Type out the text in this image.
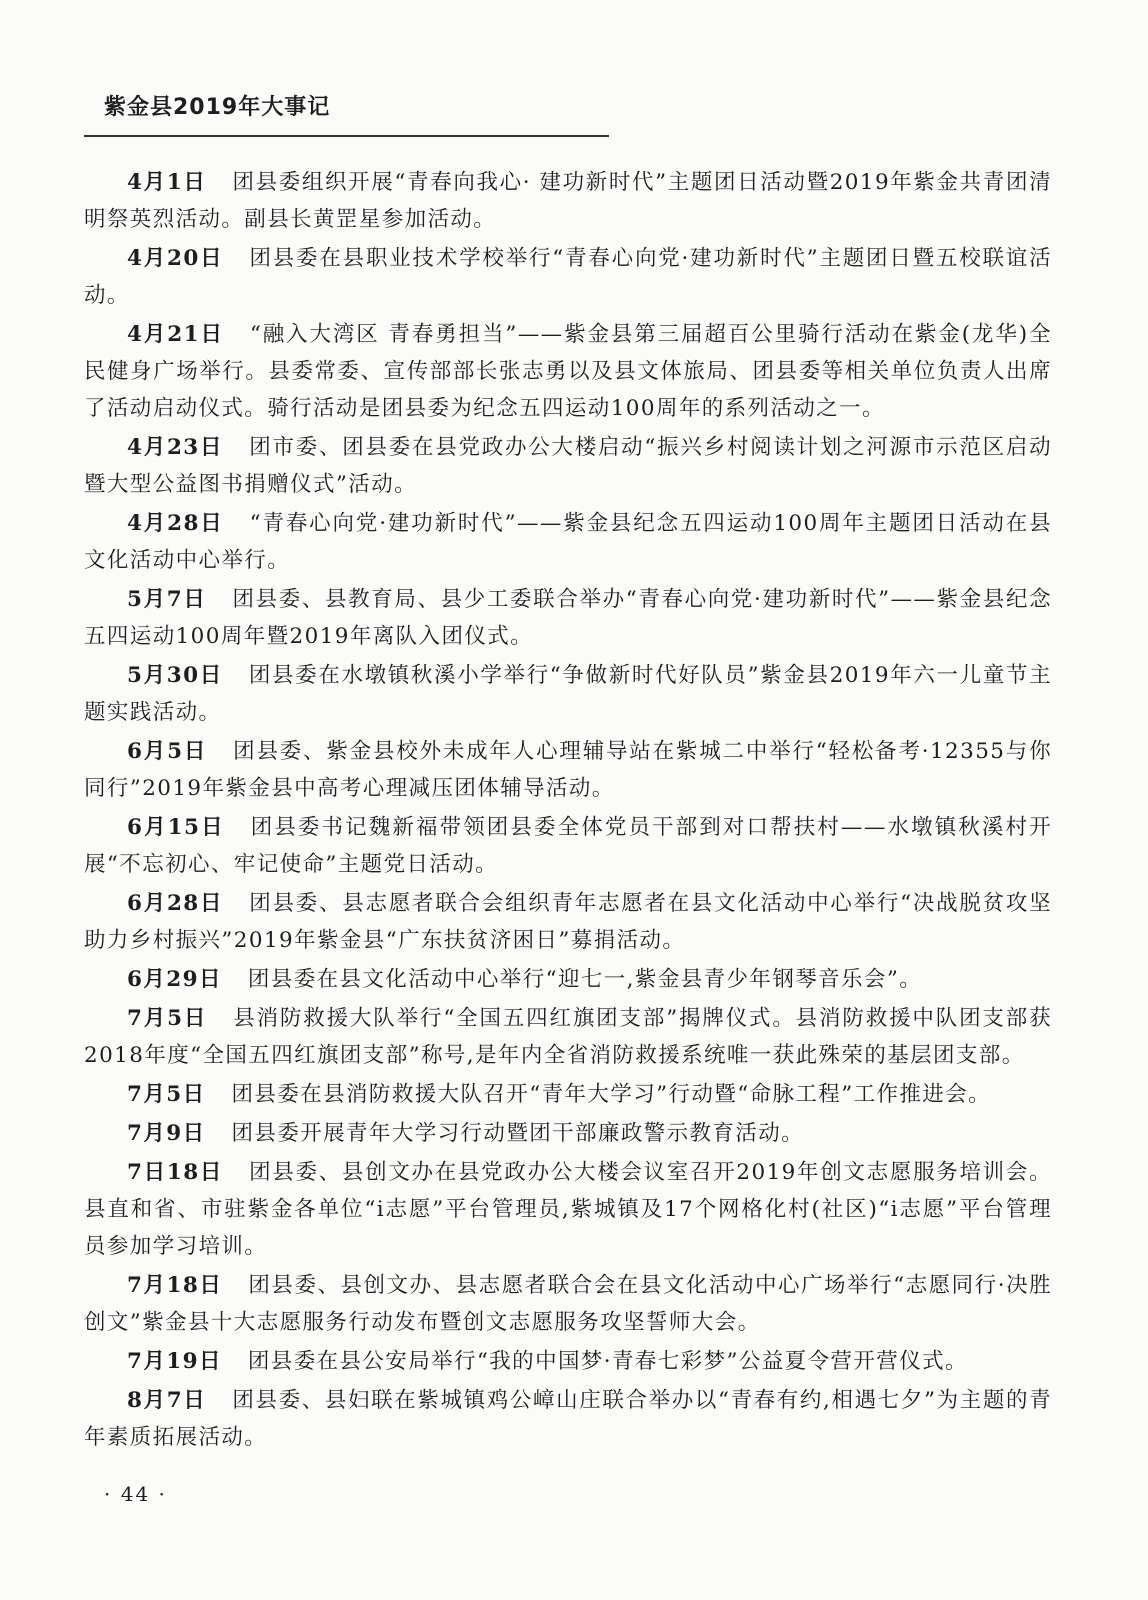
紫金县2019年大事记

4月1日 团县委组织开展“青春向我心· 建功新时代”主题团日活动暨2019年紫金共青团清明祭英烈活动。副县长黄罡星参加活动。

4月20日 团县委在县职业技术学校举行“青春心向党·建功新时代”主题团日暨五校联谊活动。

4月21日 “融入大湾区 青春勇担当”——紫金县第三届超百公里骑行活动在紫金(龙华)全民健身广场举行。县委常委、宣传部部长张志勇以及县文体旅局、团县委等相关单位负责人出席了活动启动仪式。骑行活动是团县委为纪念五四运动100周年的系列活动之一。

4月23日 团市委、团县委在县党政办公大楼启动“振兴乡村阅读计划之河源市示范区启动暨大型公益图书捐赠仪式”活动。

4月28日 “青春心向党·建功新时代”——紫金县纪念五四运动100周年主题团日活动在县文化活动中心举行。

5月7日 团县委、县教育局、县少工委联合举办“青春心向党·建功新时代”——紫金县纪念五四运动100周年暨2019年离队入团仪式。

5月30日 团县委在水墩镇秋溪小学举行“争做新时代好队员”紫金县2019年六一儿童节主题实践活动。

6月5日 团县委、紫金县校外未成年人心理辅导站在紫城二中举行“轻松备考·12355与你同行”2019年紫金县中高考心理减压团体辅导活动。

6月15日 团县委书记魏新福带领团县委全体党员干部到对口帮扶村——水墩镇秋溪村开展“不忘初心、牢记使命”主题党日活动。

6月28日 团县委、县志愿者联合会组织青年志愿者在县文化活动中心举行“决战脱贫攻坚助力乡村振兴”2019年紫金县“广东扶贫济困日”募捐活动。

6月29日 团县委在县文化活动中心举行“迎七一,紫金县青少年钢琴音乐会”。

7月5日 县消防救援大队举行“全国五四红旗团支部”揭牌仪式。县消防救援中队团支部获2018年度“全国五四红旗团支部”称号,是年内全省消防救援系统唯一获此殊荣的基层团支部。

7月5日 团县委在县消防救援大队召开“青年大学习”行动暨“命脉工程”工作推进会。

7月9日 团县委开展青年大学习行动暨团干部廉政警示教育活动。

7日18日 团县委、县创文办在县党政办公大楼会议室召开2019年创文志愿服务培训会。县直和省、市驻紫金各单位“i志愿”平台管理员,紫城镇及17个网格化村(社区)“i志愿”平台管理员参加学习培训。

7月18日 团县委、县创文办、县志愿者联合会在县文化活动中心广场举行“志愿同行·决胜创文”紫金县十大志愿服务行动发布暨创文志愿服务攻坚誓师大会。

7月19日 团县委在县公安局举行“我的中国梦·青春七彩梦”公益夏令营开营仪式。

8月7日 团县委、县妇联在紫城镇鸡公嶂山庄联合举办以“青春有约,相遇七夕”为主题的青年素质拓展活动。

· 44 ·
